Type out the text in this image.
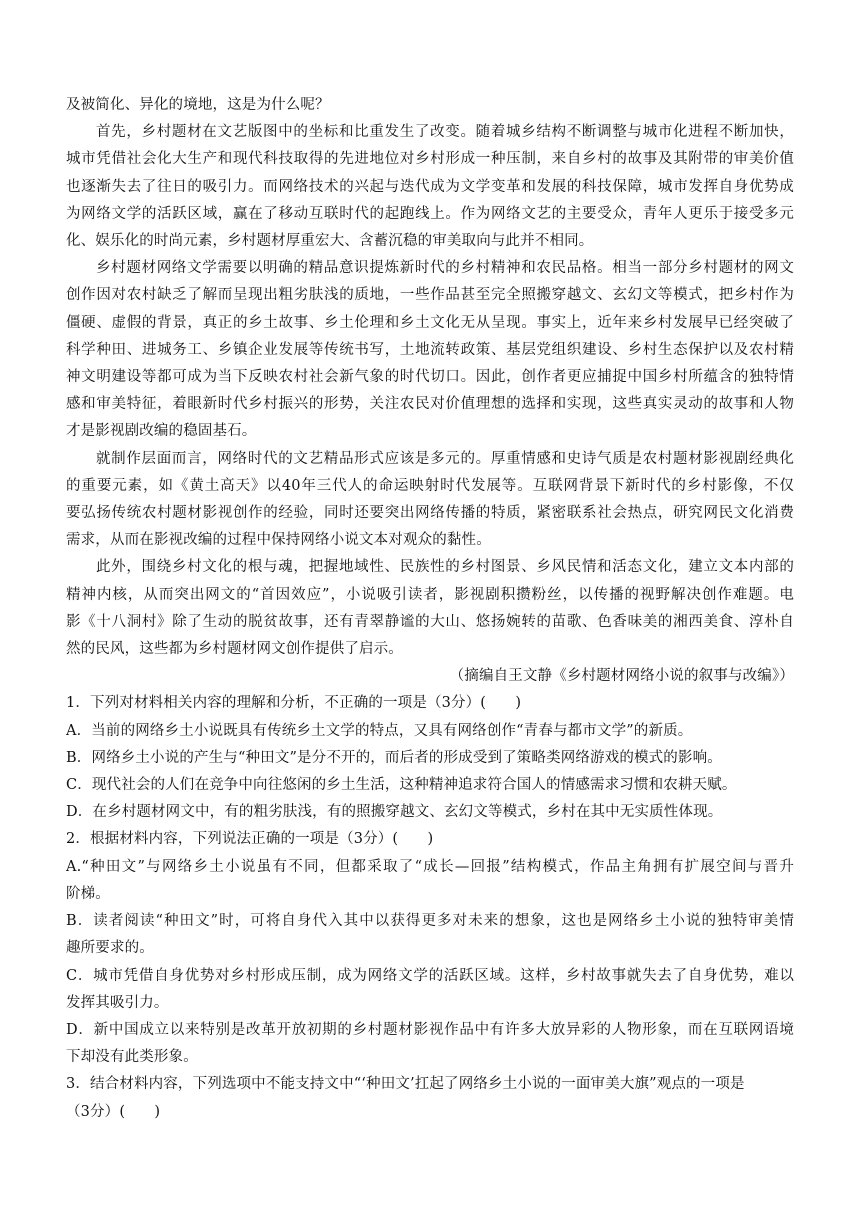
及被简化、异化的境地，这是为什么呢？
首先，乡村题材在文艺版图中的坐标和比重发生了改变。随着城乡结构不断调整与城市化进程不断加快，
城市凭借社会化大生产和现代科技取得的先进地位对乡村形成一种压制，来自乡村的故事及其附带的审美价值
也逐渐失去了往日的吸引力。而网络技术的兴起与迭代成为文学变革和发展的科技保障，城市发挥自身优势成
为网络文学的活跃区域，赢在了移动互联时代的起跑线上。作为网络文艺的主要受众，青年人更乐于接受多元
化、娱乐化的时尚元素，乡村题材厚重宏大、含蓄沉稳的审美取向与此并不相同。
乡村题材网络文学需要以明确的精品意识提炼新时代的乡村精神和农民品格。相当一部分乡村题材的网文
创作因对农村缺乏了解而呈现出粗劣肤浅的质地，一些作品甚至完全照搬穿越文、玄幻文等模式，把乡村作为
僵硬、虚假的背景，真正的乡土故事、乡土伦理和乡土文化无从呈现。事实上，近年来乡村发展早已经突破了
科学种田、进城务工、乡镇企业发展等传统书写，土地流转政策、基层党组织建设、乡村生态保护以及农村精
神文明建设等都可成为当下反映农村社会新气象的时代切口。因此，创作者更应捕捉中国乡村所蕴含的独特情
感和审美特征，着眼新时代乡村振兴的形势，关注农民对价值理想的选择和实现，这些真实灵动的故事和人物
才是影视剧改编的稳固基石。
就制作层面而言，网络时代的文艺精品形式应该是多元的。厚重情感和史诗气质是农村题材影视剧经典化
的重要元素，如《黄土高天》以40年三代人的命运映射时代发展等。互联网背景下新时代的乡村影像，不仅
要弘扬传统农村题材影视创作的经验，同时还要突出网络传播的特质，紧密联系社会热点，研究网民文化消费
需求，从而在影视改编的过程中保持网络小说文本对观众的黏性。
此外，围绕乡村文化的根与魂，把握地域性、民族性的乡村图景、乡风民情和活态文化，建立文本内部的
精神内核，从而突出网文的“首因效应”，小说吸引读者，影视剧积攒粉丝，以传播的视野解决创作难题。电
影《十八洞村》除了生动的脱贫故事，还有青翠静谧的大山、悠扬婉转的苗歌、色香味美的湘西美食、淳朴自
然的民风，这些都为乡村题材网文创作提供了启示。
（摘编自王文静《乡村题材网络小说的叙事与改编》）
1．下列对材料相关内容的理解和分析，不正确的一项是（3分）(　　)
A．当前的网络乡土小说既具有传统乡土文学的特点，又具有网络创作“青春与都市文学”的新质。
B．网络乡土小说的产生与“种田文”是分不开的，而后者的形成受到了策略类网络游戏的模式的影响。
C．现代社会的人们在竞争中向往悠闲的乡土生活，这种精神追求符合国人的情感需求习惯和农耕天赋。
D．在乡村题材网文中，有的粗劣肤浅，有的照搬穿越文、玄幻文等模式，乡村在其中无实质性体现。
2．根据材料内容，下列说法正确的一项是（3分）(　　)
A.“种田文”与网络乡土小说虽有不同，但都采取了“成长—回报”结构模式，作品主角拥有扩展空间与晋升
阶梯。
B．读者阅读“种田文”时，可将自身代入其中以获得更多对未来的想象，这也是网络乡土小说的独特审美情
趣所要求的。
C．城市凭借自身优势对乡村形成压制，成为网络文学的活跃区域。这样，乡村故事就失去了自身优势，难以
发挥其吸引力。
D．新中国成立以来特别是改革开放初期的乡村题材影视作品中有许多大放异彩的人物形象，而在互联网语境
下却没有此类形象。
3．结合材料内容，下列选项中不能支持文中“‘种田文’扛起了网络乡土小说的一面审美大旗”观点的一项是
（3分）(　　)
